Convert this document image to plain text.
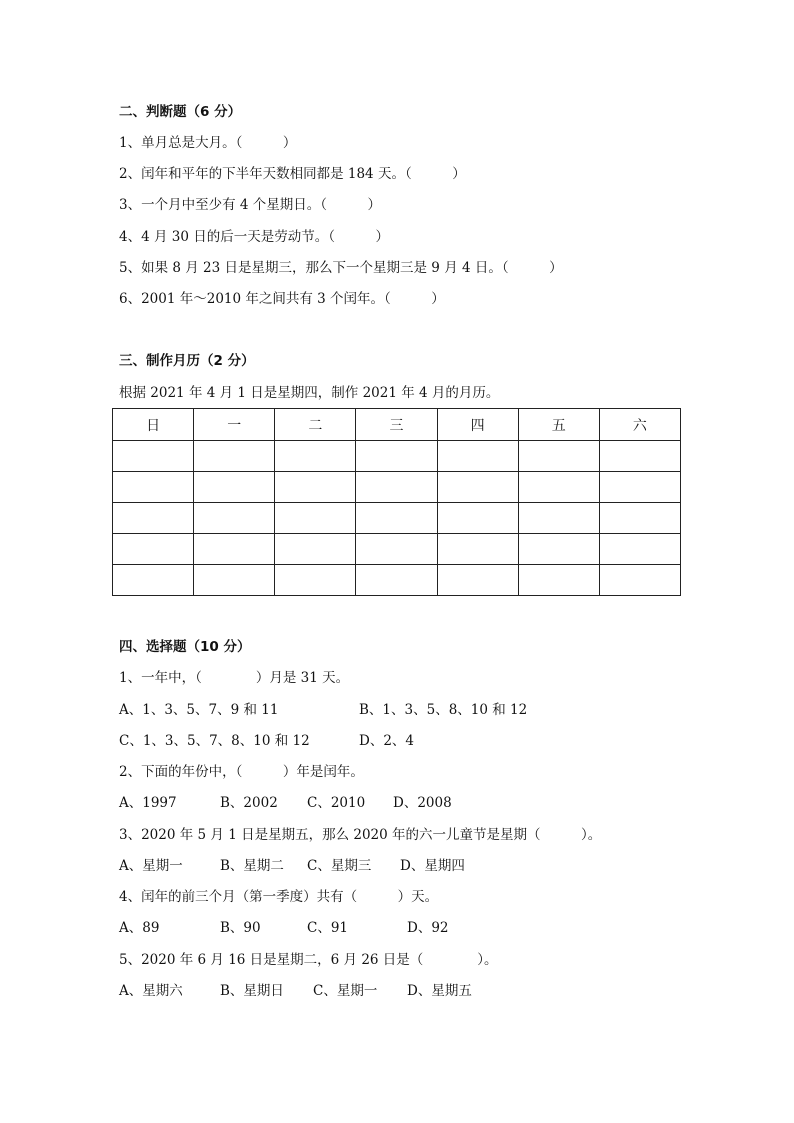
二、判断题（6 分）
1、单月总是大月。（　　　）
2、闰年和平年的下半年天数相同都是 184 天。（　　　）
3、一个月中至少有 4 个星期日。（　　　）
4、4 月 30 日的后一天是劳动节。（　　　）
5、如果 8 月 23 日是星期三，那么下一个星期三是 9 月 4 日。（　　　）
6、2001 年～2010 年之间共有 3 个闰年。（　　　）
三、制作月历（2 分）
根据 2021 年 4 月 1 日是星期四，制作 2021 年 4 月的月历。
日	一	二	三	四	五	六

四、选择题（10 分）
1、一年中，（　　　　）月是 31 天。
A、1、3、5、7、9 和 11	B、1、3、5、8、10 和 12
C、1、3、5、7、8、10 和 12	D、2、4
2、下面的年份中，（　　　）年是闰年。
A、1997	B、2002 C、2010 D、2008
3、2020 年 5 月 1 日是星期五，那么 2020 年的六一儿童节是星期（　　　）。
A、星期一	B、星期二 C、星期三 D、星期四
4、闰年的前三个月（第一季度）共有（　　　）天。
A、89	B、90	C、91	D、92
5、2020 年 6 月 16 日是星期二，6 月 26 日是（　　　　）。
A、星期六	B、星期日 C、星期一 D、星期五
